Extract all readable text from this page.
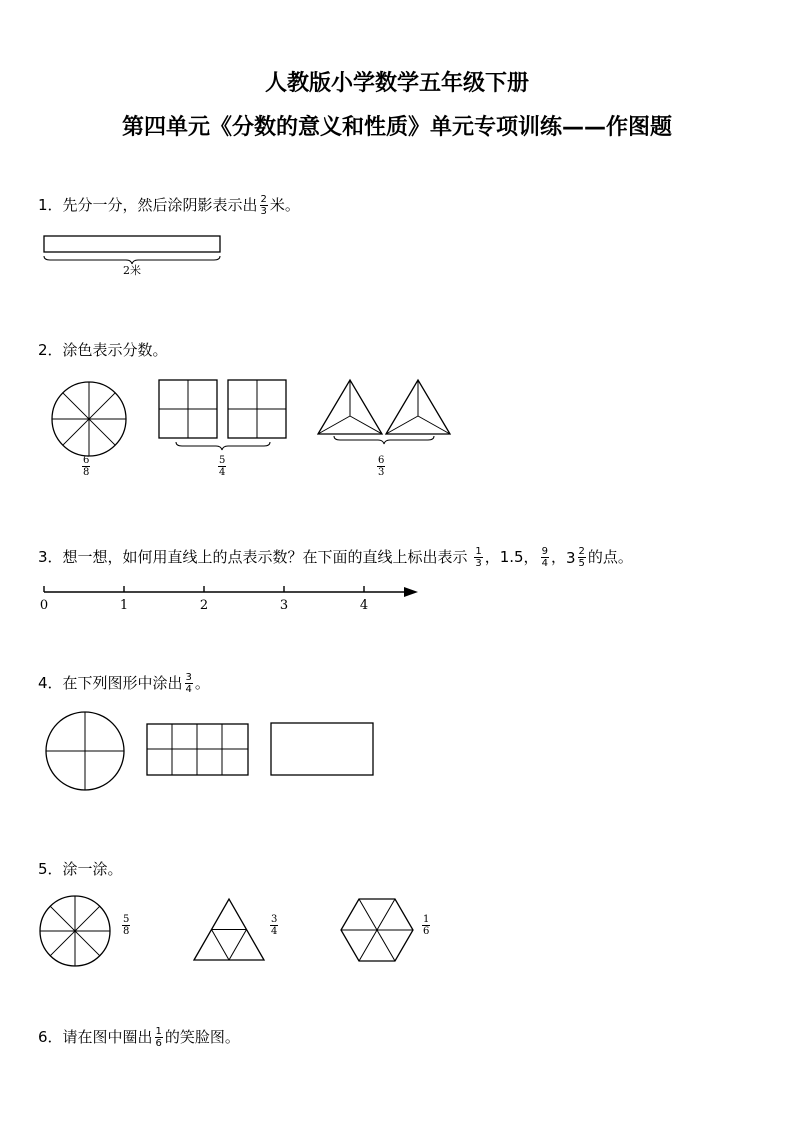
人教版小学数学五年级下册
第四单元《分数的意义和性质》单元专项训练——作图题
1．先分一分，然后涂阴影表示出 $\frac{2}{3}$ 米。
2米
2．涂色表示分数。
$\frac{6}{8}$	$\frac{5}{4}$	$\frac{6}{3}$
3．想一想，如何用直线上的点表示数？在下面的直线上标出表示 $\frac{1}{3}$ ，1.5， $\frac{9}{4}$ ， $3 \frac{2}{5}$ 的点。
0	1	2	3	4
4．在下列图形中涂出 $\frac{3}{4}$ 。
5．涂一涂。
$\frac{5}{8}$	$\frac{3}{4}$	$\frac{1}{6}$
6．请在图中圈出 $\frac{1}{6}$ 的笑脸图。
